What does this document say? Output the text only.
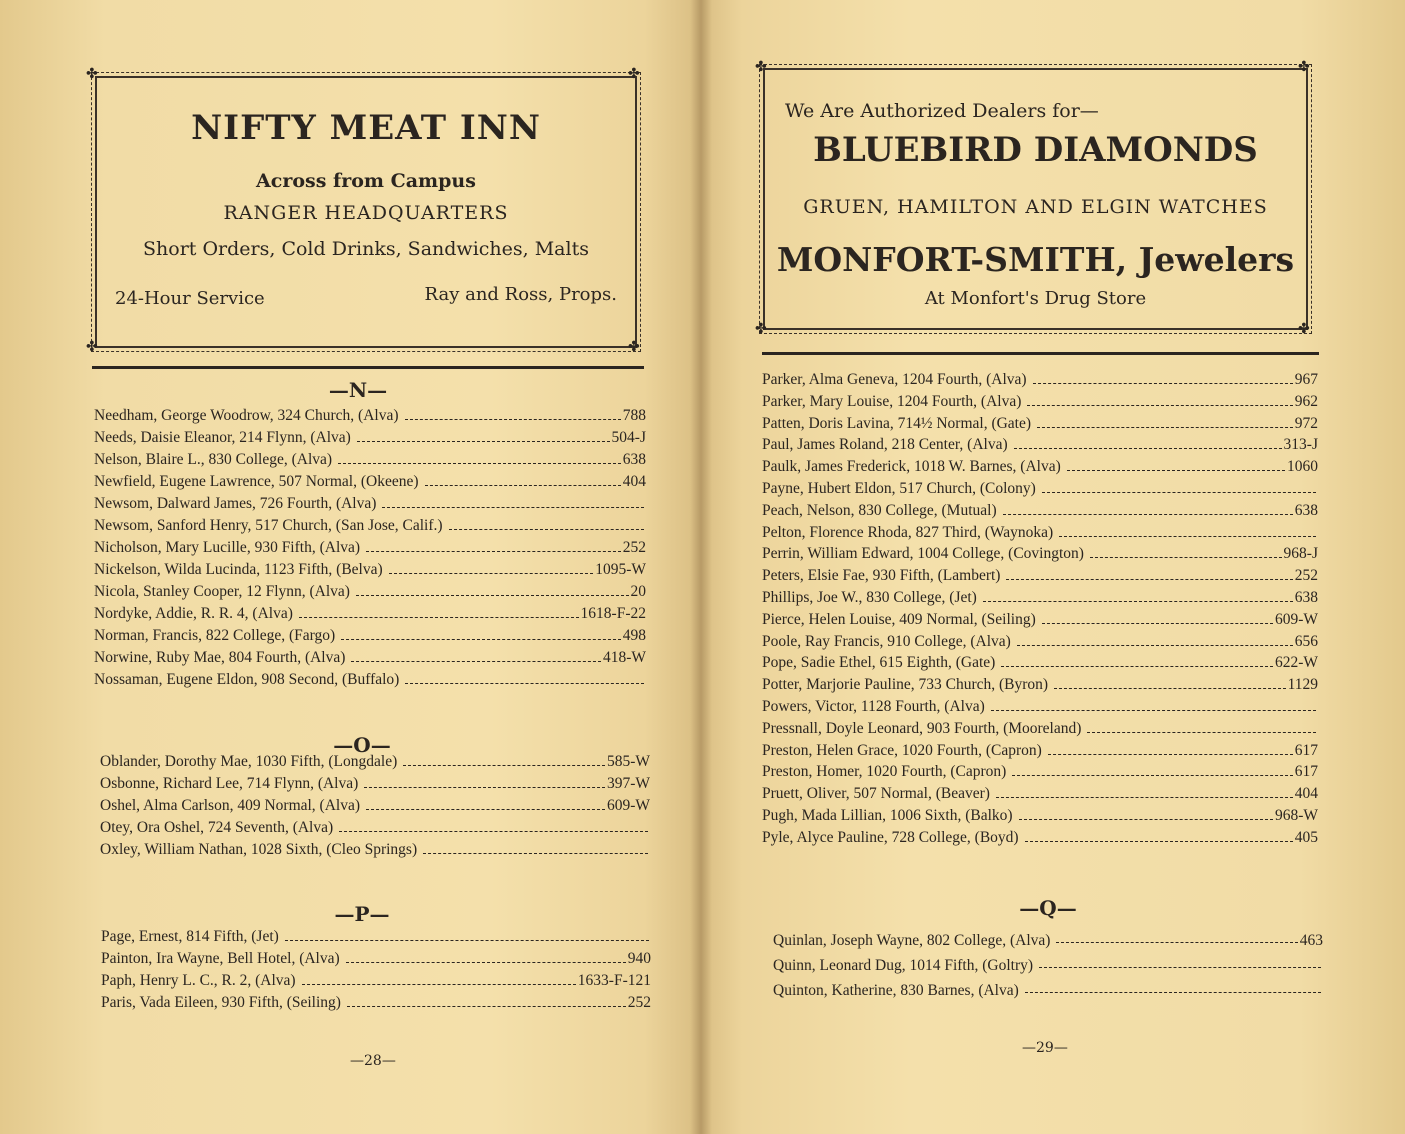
NIFTY MEAT INN
Across from Campus
RANGER HEADQUARTERS
Short Orders, Cold Drinks, Sandwiches, Malts
24-Hour Service	Ray and Ross, Props.
✤	✤
✤	✤
—N—
Needham, George Woodrow, 324 Church, (Alva)	788
Needs, Daisie Eleanor, 214 Flynn, (Alva)	504-J
Nelson, Blaire L., 830 College, (Alva)	638
Newfield, Eugene Lawrence, 507 Normal, (Okeene)	404
Newsom, Dalward James, 726 Fourth, (Alva)
Newsom, Sanford Henry, 517 Church, (San Jose, Calif.)
Nicholson, Mary Lucille, 930 Fifth, (Alva)	252
Nickelson, Wilda Lucinda, 1123 Fifth, (Belva)	1095-W
Nicola, Stanley Cooper, 12 Flynn, (Alva)	20
Nordyke, Addie, R. R. 4, (Alva)	1618-F-22
Norman, Francis, 822 College, (Fargo)	498
Norwine, Ruby Mae, 804 Fourth, (Alva)	418-W
Nossaman, Eugene Eldon, 908 Second, (Buffalo)
—O—
Oblander, Dorothy Mae, 1030 Fifth, (Longdale)	585-W
Osbonne, Richard Lee, 714 Flynn, (Alva)	397-W
Oshel, Alma Carlson, 409 Normal, (Alva)	609-W
Otey, Ora Oshel, 724 Seventh, (Alva)
Oxley, William Nathan, 1028 Sixth, (Cleo Springs)
—P—
Page, Ernest, 814 Fifth, (Jet)
Painton, Ira Wayne, Bell Hotel, (Alva)	940
Paph, Henry L. C., R. 2, (Alva)	1633-F-121
Paris, Vada Eileen, 930 Fifth, (Seiling)	252
—28—
We Are Authorized Dealers for—
BLUEBIRD DIAMONDS
GRUEN, HAMILTON AND ELGIN WATCHES
MONFORT-SMITH, Jewelers
At Monfort's Drug Store
✤	✤
✤	✤
Parker, Alma Geneva, 1204 Fourth, (Alva)	967
Parker, Mary Louise, 1204 Fourth, (Alva)	962
Patten, Doris Lavina, 714½ Normal, (Gate)	972
Paul, James Roland, 218 Center, (Alva)	313-J
Paulk, James Frederick, 1018 W. Barnes, (Alva)	1060
Payne, Hubert Eldon, 517 Church, (Colony)
Peach, Nelson, 830 College, (Mutual)	638
Pelton, Florence Rhoda, 827 Third, (Waynoka)
Perrin, William Edward, 1004 College, (Covington)	968-J
Peters, Elsie Fae, 930 Fifth, (Lambert)	252
Phillips, Joe W., 830 College, (Jet)	638
Pierce, Helen Louise, 409 Normal, (Seiling)	609-W
Poole, Ray Francis, 910 College, (Alva)	656
Pope, Sadie Ethel, 615 Eighth, (Gate)	622-W
Potter, Marjorie Pauline, 733 Church, (Byron)	1129
Powers, Victor, 1128 Fourth, (Alva)
Pressnall, Doyle Leonard, 903 Fourth, (Mooreland)
Preston, Helen Grace, 1020 Fourth, (Capron)	617
Preston, Homer, 1020 Fourth, (Capron)	617
Pruett, Oliver, 507 Normal, (Beaver)	404
Pugh, Mada Lillian, 1006 Sixth, (Balko)	968-W
Pyle, Alyce Pauline, 728 College, (Boyd)	405
—Q—
Quinlan, Joseph Wayne, 802 College, (Alva)	463
Quinn, Leonard Dug, 1014 Fifth, (Goltry)
Quinton, Katherine, 830 Barnes, (Alva)
—29—
